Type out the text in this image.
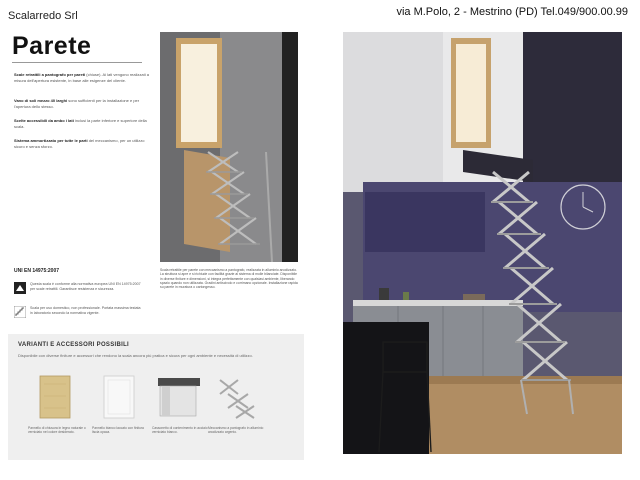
Scalarredo Srl	via M.Polo, 2 - Mestrino (PD) Tel.049/900.00.99
Parete
Scale retrattili a pantografo per pareti (chiuse). Ai lati vengono realizzati a misura dell'apertura esistente, in base alle esigenze del cliente.
Vano di soli mezzo 40 larghi sono sufficienti per la installazione e per l'apertura dello stesso.
Scelte accessibili da ambo i lati inclusi la parte inferiore e superiore della scala.
Sistema ammortizzato per tutte le parti del meccanismo, per un utilizzo sicuro e senza sforzo.
UNI EN 14975:2007
Questa scala è conforme alla normativa europea UNI EN 14975:2007 per scale retrattili. Garantisce resistenza e sicurezza.
Scala per uso domestico, non professionale. Portata massima testata in laboratorio secondo la normativa vigente.
Scala retrattile per parete con meccanismo a pantografo, realizzata in alluminio anodizzato. La struttura si apre e si richiude con facilità grazie al sistema di molle bilanciate. Disponibile in diverse finiture e dimensioni, si integra perfettamente con qualsiasi ambiente, liberando spazio quando non utilizzata. Gradini antiscivolo e corrimano opzionale. Installazione rapida su parete in muratura o cartongesso.
VARIANTI E ACCESSORI POSSIBILI
Disponibile con diverse finiture e accessori che rendono la scala ancora più pratica e sicura per ogni ambiente e necessità di utilizzo.
Pannello di chiusura in legno naturale o verniciato nel colore desiderato.
Pannello bianco laccato con finitura liscia opaca.
Cassonetto di contenimento in acciaio verniciato bianco.
Meccanismo a pantografo in alluminio anodizzato argento.
